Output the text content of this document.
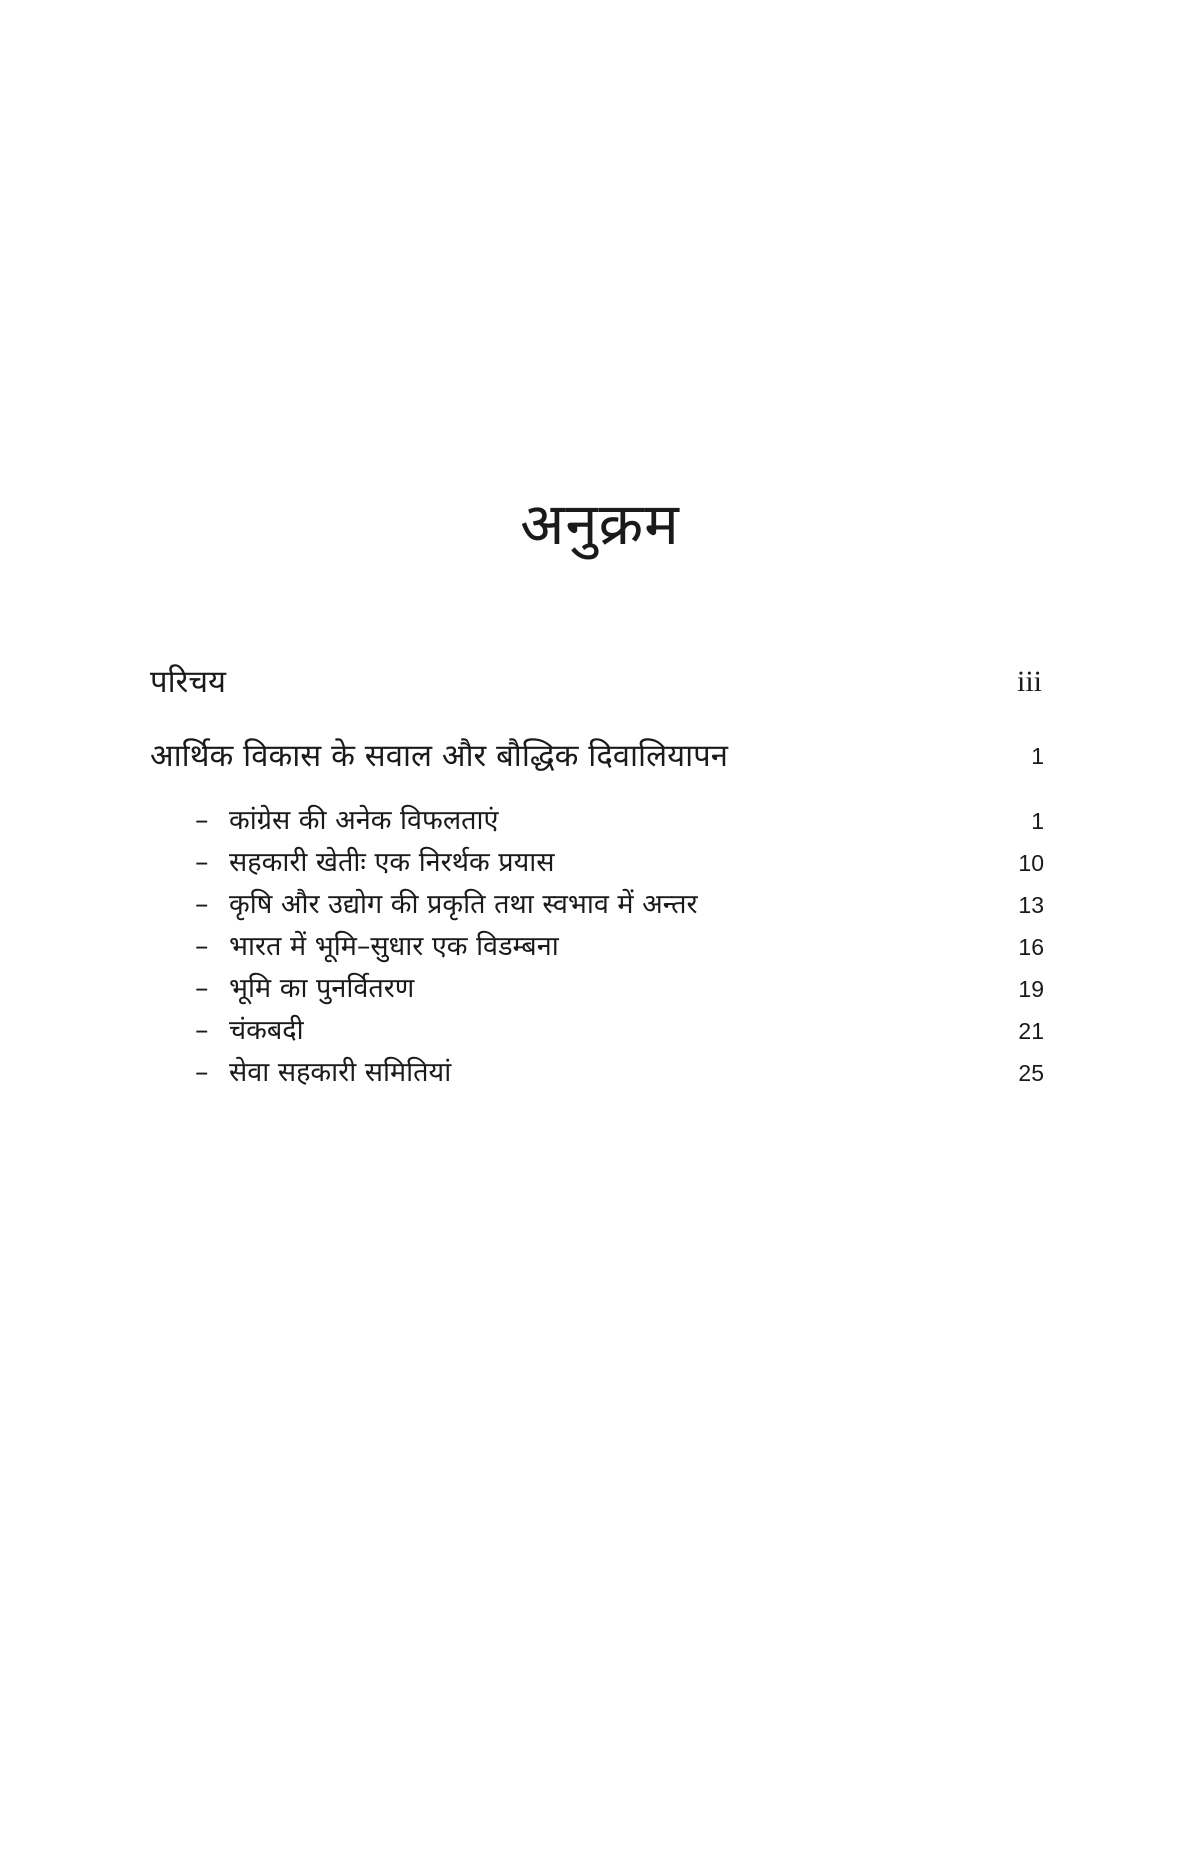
अनुक्रम
परिचय	iii
आर्थिक विकास के सवाल और बौद्धिक दिवालियापन	1
– कांग्रेस की अनेक विफलताएं	1
– सहकारी खेतीः एक निरर्थक प्रयास	10
– कृषि और उद्योग की प्रकृति तथा स्वभाव में अन्तर	13
– भारत में भूमि–सुधार एक विडम्बना	16
– भूमि का पुनर्वितरण	19
– चंकबदी	21
– सेवा सहकारी समितियां	25
